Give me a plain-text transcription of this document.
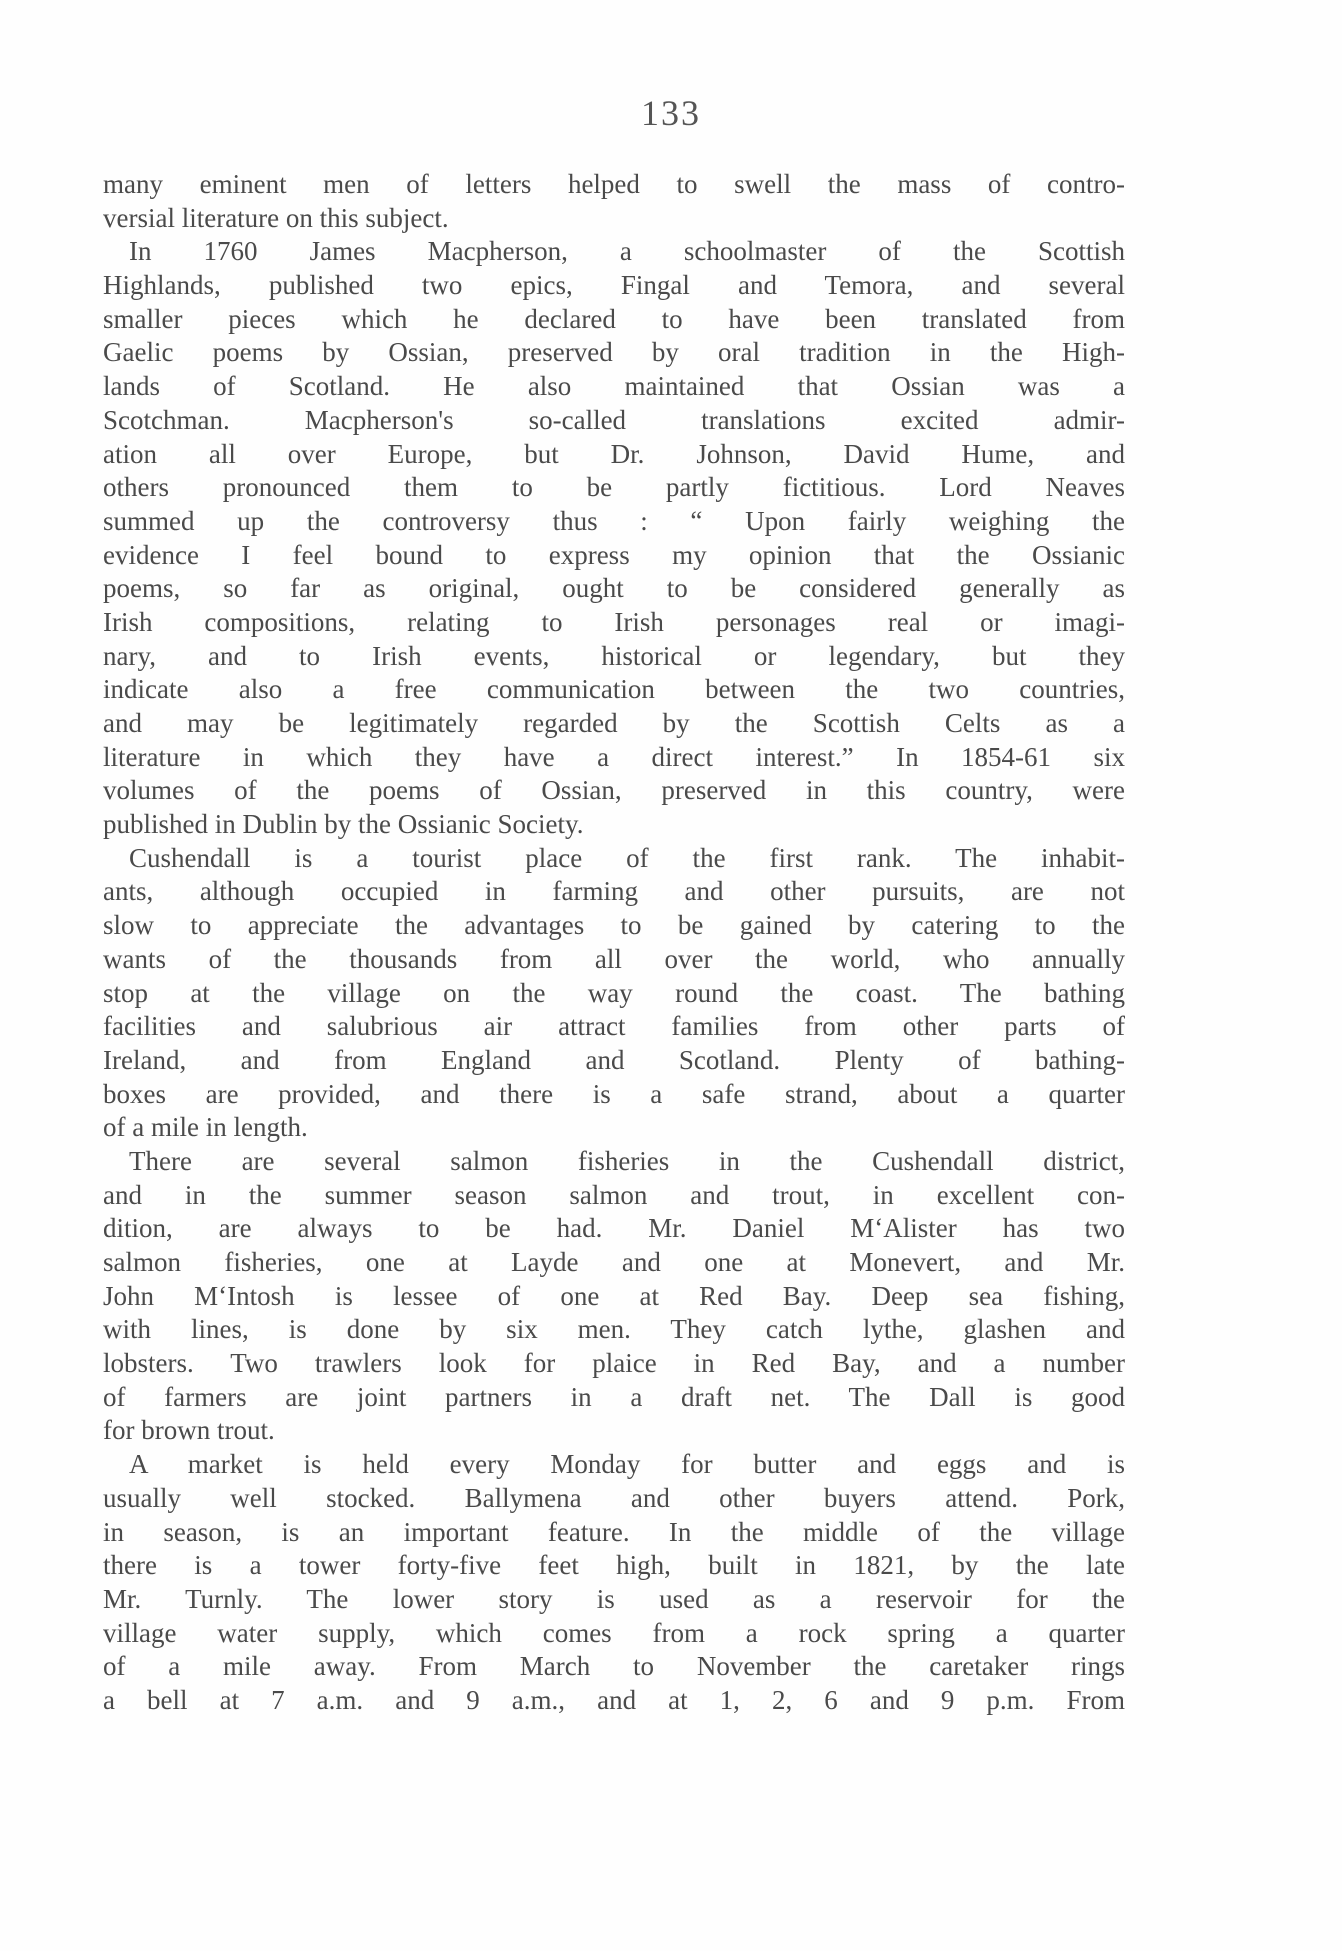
133
many eminent men of letters helped to swell the mass of contro-
versial literature on this subject.
In 1760 James Macpherson, a schoolmaster of the Scottish
Highlands, published two epics, Fingal and Temora, and several
smaller pieces which he declared to have been translated from
Gaelic poems by Ossian, preserved by oral tradition in the High-
lands of Scotland. He also maintained that Ossian was a
Scotchman. Macpherson's so-called translations excited admir-
ation all over Europe, but Dr. Johnson, David Hume, and
others pronounced them to be partly fictitious. Lord Neaves
summed up the controversy thus : “ Upon fairly weighing the
evidence I feel bound to express my opinion that the Ossianic
poems, so far as original, ought to be considered generally as
Irish compositions, relating to Irish personages real or imagi-
nary, and to Irish events, historical or legendary, but they
indicate also a free communication between the two countries,
and may be legitimately regarded by the Scottish Celts as a
literature in which they have a direct interest.” In 1854-61 six
volumes of the poems of Ossian, preserved in this country, were
published in Dublin by the Ossianic Society.
Cushendall is a tourist place of the first rank. The inhabit-
ants, although occupied in farming and other pursuits, are not
slow to appreciate the advantages to be gained by catering to the
wants of the thousands from all over the world, who annually
stop at the village on the way round the coast. The bathing
facilities and salubrious air attract families from other parts of
Ireland, and from England and Scotland. Plenty of bathing-
boxes are provided, and there is a safe strand, about a quarter
of a mile in length.
There are several salmon fisheries in the Cushendall district,
and in the summer season salmon and trout, in excellent con-
dition, are always to be had. Mr. Daniel M‘Alister has two
salmon fisheries, one at Layde and one at Monevert, and Mr.
John M‘Intosh is lessee of one at Red Bay. Deep sea fishing,
with lines, is done by six men. They catch lythe, glashen and
lobsters. Two trawlers look for plaice in Red Bay, and a number
of farmers are joint partners in a draft net. The Dall is good
for brown trout.
A market is held every Monday for butter and eggs and is
usually well stocked. Ballymena and other buyers attend. Pork,
in season, is an important feature. In the middle of the village
there is a tower forty-five feet high, built in 1821, by the late
Mr. Turnly. The lower story is used as a reservoir for the
village water supply, which comes from a rock spring a quarter
of a mile away. From March to November the caretaker rings
a bell at 7 a.m. and 9 a.m., and at 1, 2, 6 and 9 p.m. From
